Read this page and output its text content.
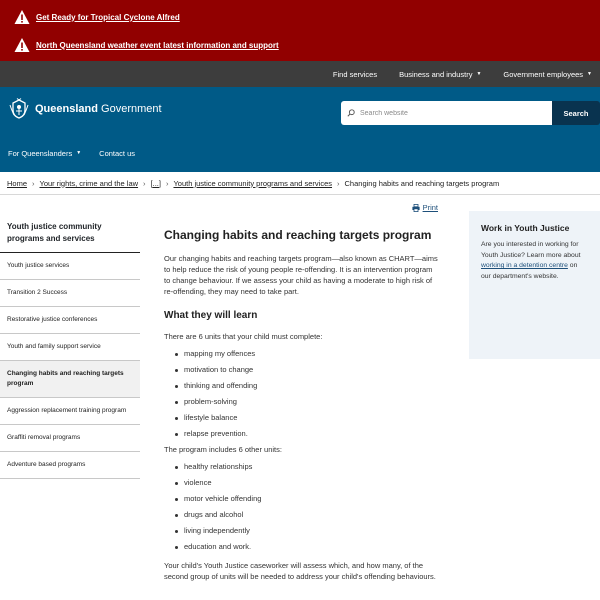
Get Ready for Tropical Cyclone Alfred
North Queensland weather event latest information and support
Find services	Business and industry ▼	Government employees ▼
Queensland Government
Search website	Search
For Queenslanders ▼ Contact us
Home › Your rights, crime and the law › [...] › Youth justice community programs and services › Changing habits and reaching targets program
Youth justice community programs and services
Youth justice services
Transition 2 Success
Restorative justice conferences
Youth and family support service
Changing habits and reaching targets program
Aggression replacement training program
Graffiti removal programs
Adventure based programs
Print
Changing habits and reaching targets program

Our changing habits and reaching targets program—also known as CHART—aims to help reduce the risk of young people re-offending. It is an intervention program to change behaviour. If we assess your child as having a moderate to high risk of re-offending, they may need to take part.

What they will learn

There are 6 units that your child must complete:

mapping my offences
motivation to change
thinking and offending
problem-solving
lifestyle balance
relapse prevention.

The program includes 6 other units:

healthy relationships
violence
motor vehicle offending
drugs and alcohol
living independently
education and work.

Your child's Youth Justice caseworker will assess which, and how many, of the second group of units will be needed to address your child's offending behaviours.

Work in Youth Justice

Are you interested in working for Youth Justice? Learn more about working in a detention centre on our department's website.
